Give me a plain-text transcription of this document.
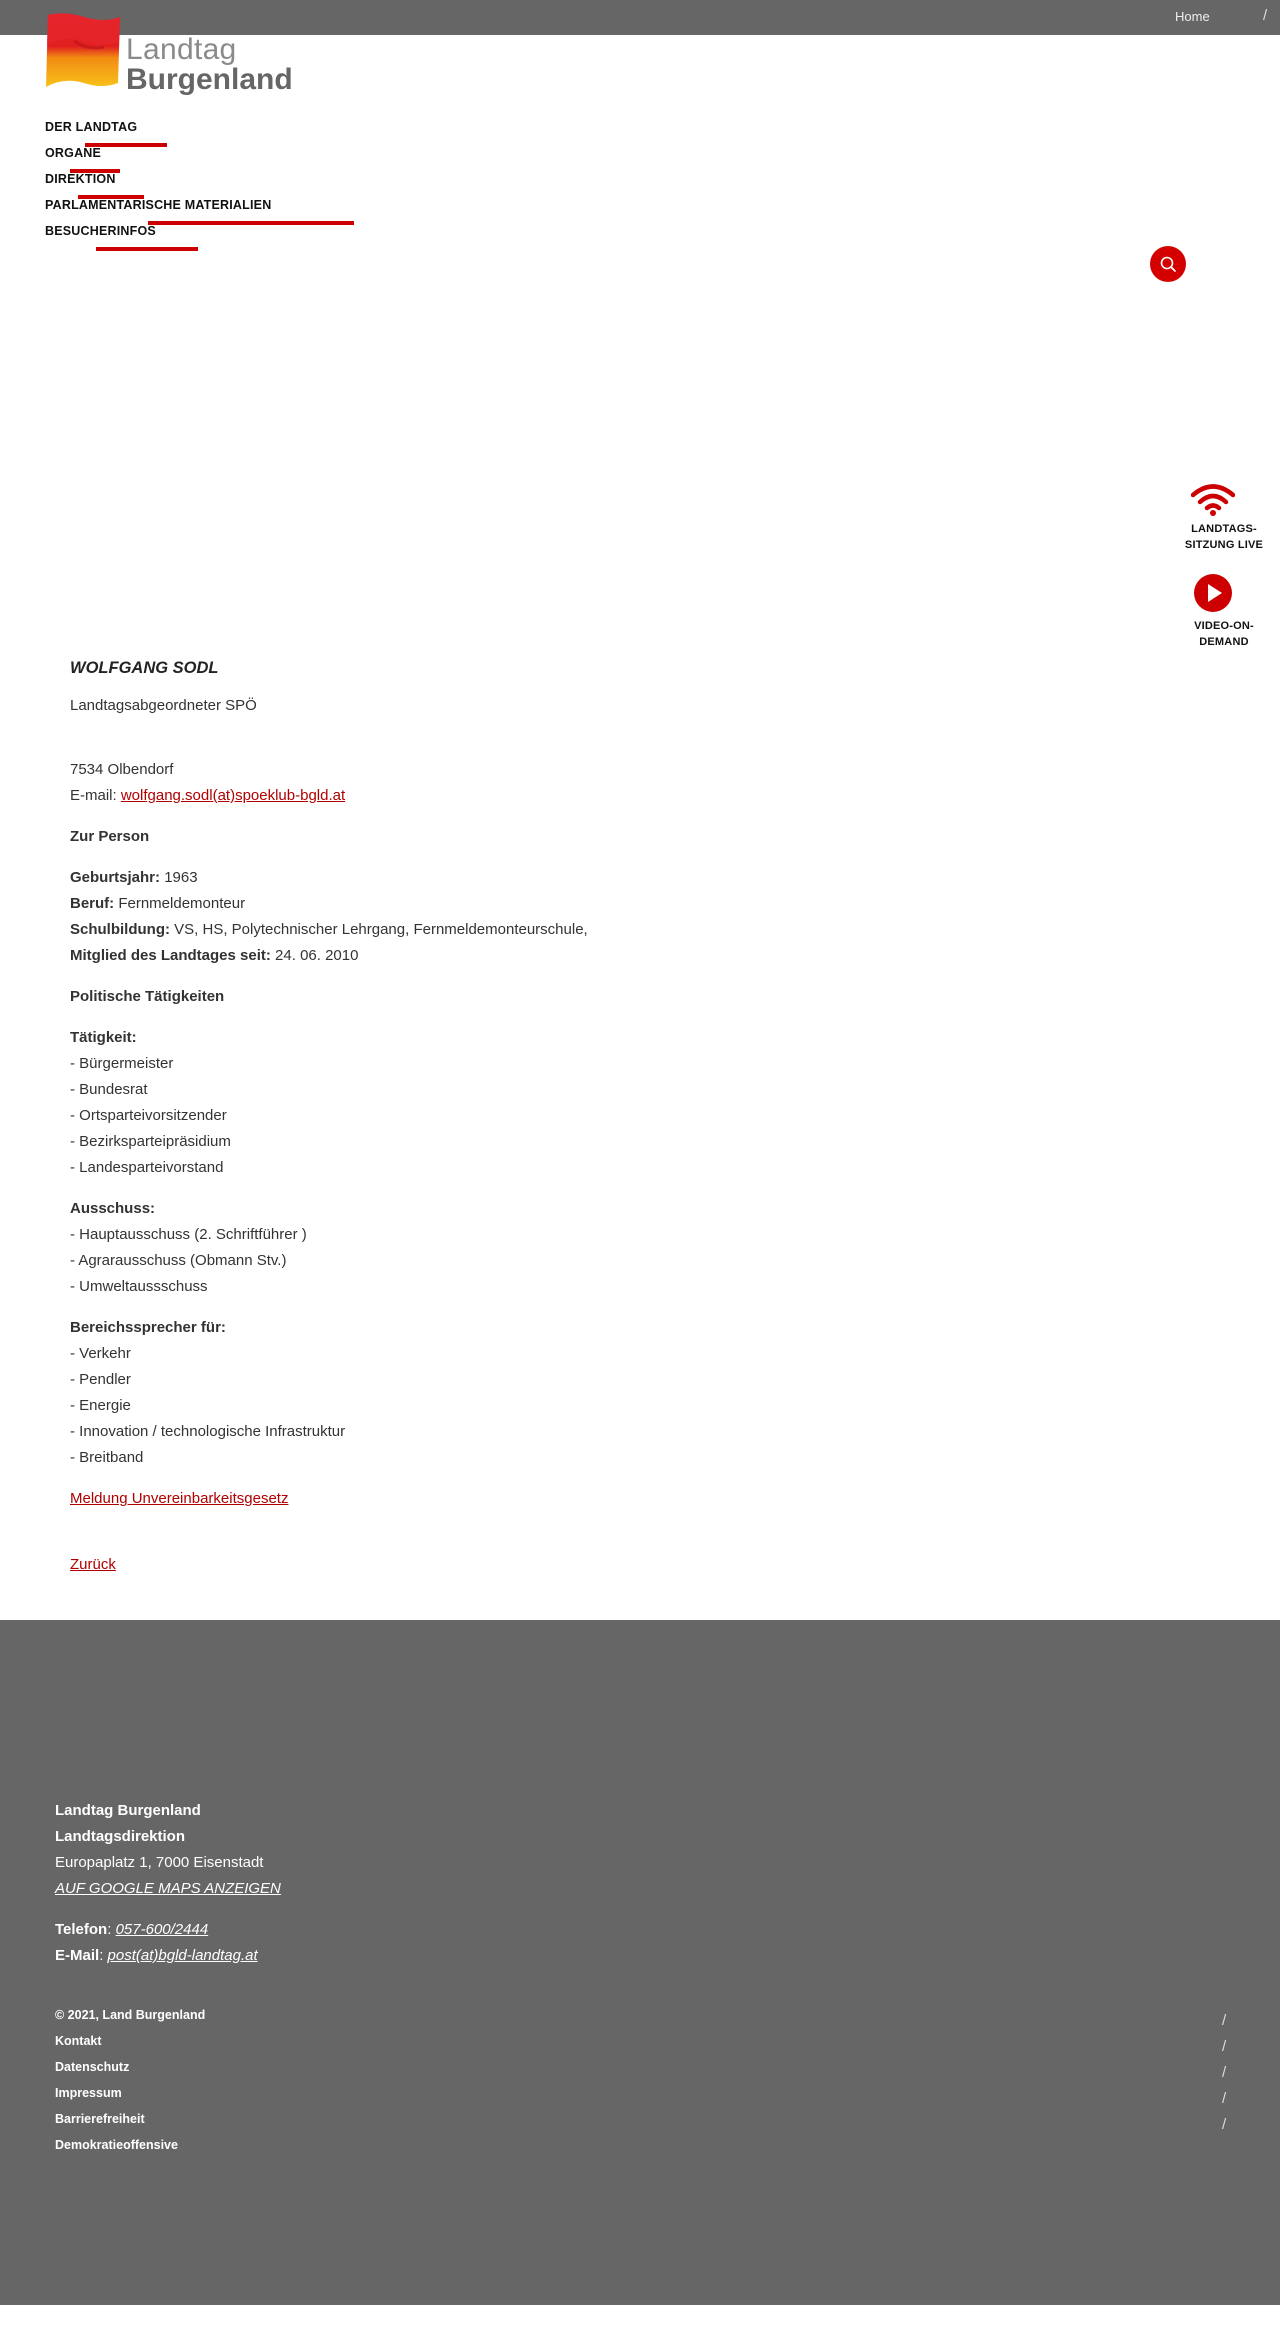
Home	/
Landtag
Burgenland
DER LANDTAG
ORGANE
DIREKTION
PARLAMENTARISCHE MATERIALIEN
BESUCHERINFOS
LANDTAGS-
SITZUNG LIVE
VIDEO-ON-
DEMAND
WOLFGANG SODL

Landtagsabgeordneter SPÖ

7534 Olbendorf
E-mail: wolfgang.sodl(at)spoeklub-bgld.at

Zur Person

Geburtsjahr: 1963
Beruf: Fernmeldemonteur
Schulbildung: VS, HS, Polytechnischer Lehrgang, Fernmeldemonteurschule,
Mitglied des Landtages seit: 24. 06. 2010

Politische Tätigkeiten

Tätigkeit:
- Bürgermeister
- Bundesrat
- Ortsparteivorsitzender
- Bezirksparteipräsidium
- Landesparteivorstand

Ausschuss:
- Hauptausschuss (2. Schriftführer )
- Agrarausschuss (Obmann Stv.)
- Umweltaussschuss

Bereichssprecher für:
- Verkehr
- Pendler
- Energie
- Innovation / technologische Infrastruktur
- Breitband

Meldung Unvereinbarkeitsgesetz

Zurück

Landtag Burgenland
Landtagsdirektion
Europaplatz 1, 7000 Eisenstadt
AUF GOOGLE MAPS ANZEIGEN
Telefon: 057-600/2444
E-Mail: post(at)bgld-landtag.at
© 2021, Land Burgenland
Kontakt
Datenschutz
Impressum
Barrierefreiheit
Demokratieoffensive
/
/
/
/
/
